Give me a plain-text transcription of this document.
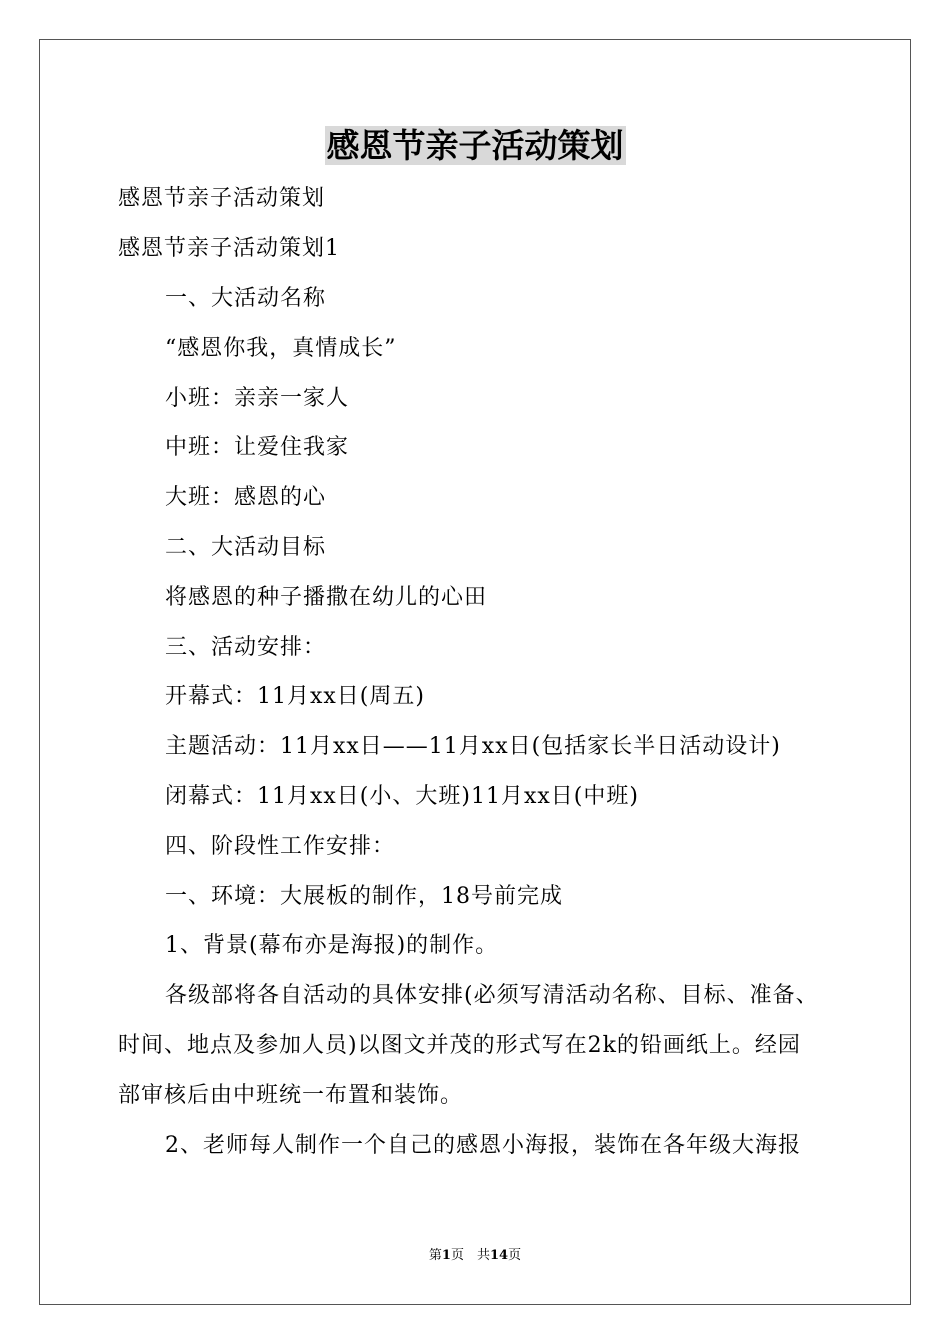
感恩节亲子活动策划
感恩节亲子活动策划
感恩节亲子活动策划1
一、大活动名称
“感恩你我，真情成长”
小班：亲亲一家人
中班：让爱住我家
大班：感恩的心
二、大活动目标
将感恩的种子播撒在幼儿的心田
三、活动安排：
开幕式：11月xx日(周五)
主题活动：11月xx日——11月xx日(包括家长半日活动设计)
闭幕式：11月xx日(小、大班)11月xx日(中班)
四、阶段性工作安排：
一、环境：大展板的制作，18号前完成
1、背景(幕布亦是海报)的制作。
各级部将各自活动的具体安排(必须写清活动名称、目标、准备、
时间、地点及参加人员)以图文并茂的形式写在2k的铅画纸上。经园
部审核后由中班统一布置和装饰。
2、老师每人制作一个自己的感恩小海报，装饰在各年级大海报
第1页　共14页
